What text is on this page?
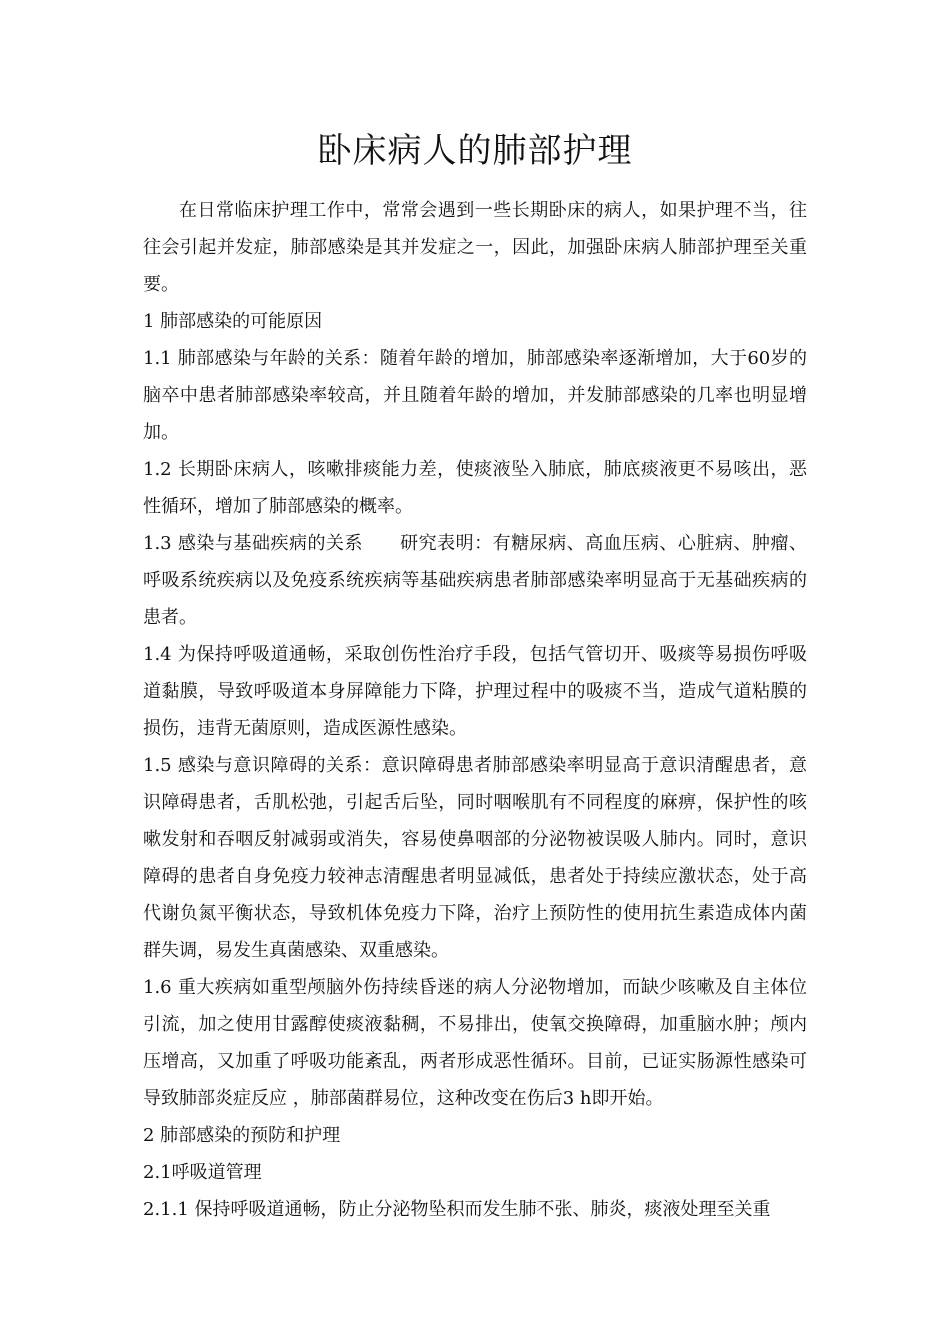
卧床病人的肺部护理

在日常临床护理工作中，常常会遇到一些长期卧床的病人，如果护理不当，往往会引起并发症，肺部感染是其并发症之一，因此，加强卧床病人肺部护理至关重要。

1 肺部感染的可能原因

1.1 肺部感染与年龄的关系：随着年龄的增加，肺部感染率逐渐增加，大于60岁的脑卒中患者肺部感染率较高，并且随着年龄的增加，并发肺部感染的几率也明显增加。

1.2 长期卧床病人，咳嗽排痰能力差，使痰液坠入肺底，肺底痰液更不易咳出，恶性循环，增加了肺部感染的概率。

1.3 感染与基础疾病的关系　　研究表明：有糖尿病、高血压病、心脏病、肿瘤、呼吸系统疾病以及免疫系统疾病等基础疾病患者肺部感染率明显高于无基础疾病的患者。

1.4 为保持呼吸道通畅，采取创伤性治疗手段，包括气管切开、吸痰等易损伤呼吸道黏膜，导致呼吸道本身屏障能力下降，护理过程中的吸痰不当，造成气道粘膜的损伤，违背无菌原则，造成医源性感染。

1.5 感染与意识障碍的关系：意识障碍患者肺部感染率明显高于意识清醒患者，意识障碍患者，舌肌松弛，引起舌后坠，同时咽喉肌有不同程度的麻痹，保护性的咳嗽发射和吞咽反射减弱或消失，容易使鼻咽部的分泌物被误吸人肺内。同时，意识障碍的患者自身免疫力较神志清醒患者明显减低，患者处于持续应激状态，处于高代谢负氮平衡状态，导致机体免疫力下降，治疗上预防性的使用抗生素造成体内菌群失调，易发生真菌感染、双重感染。

1.6 重大疾病如重型颅脑外伤持续昏迷的病人分泌物增加，而缺少咳嗽及自主体位引流，加之使用甘露醇使痰液黏稠，不易排出，使氧交换障碍，加重脑水肿；颅内压增高，又加重了呼吸功能紊乱，两者形成恶性循环。目前，已证实肠源性感染可导致肺部炎症反应 ，肺部菌群易位，这种改变在伤后3 h即开始。

2 肺部感染的预防和护理

2.1呼吸道管理

2.1.1 保持呼吸道通畅，防止分泌物坠积而发生肺不张、肺炎，痰液处理至关重
